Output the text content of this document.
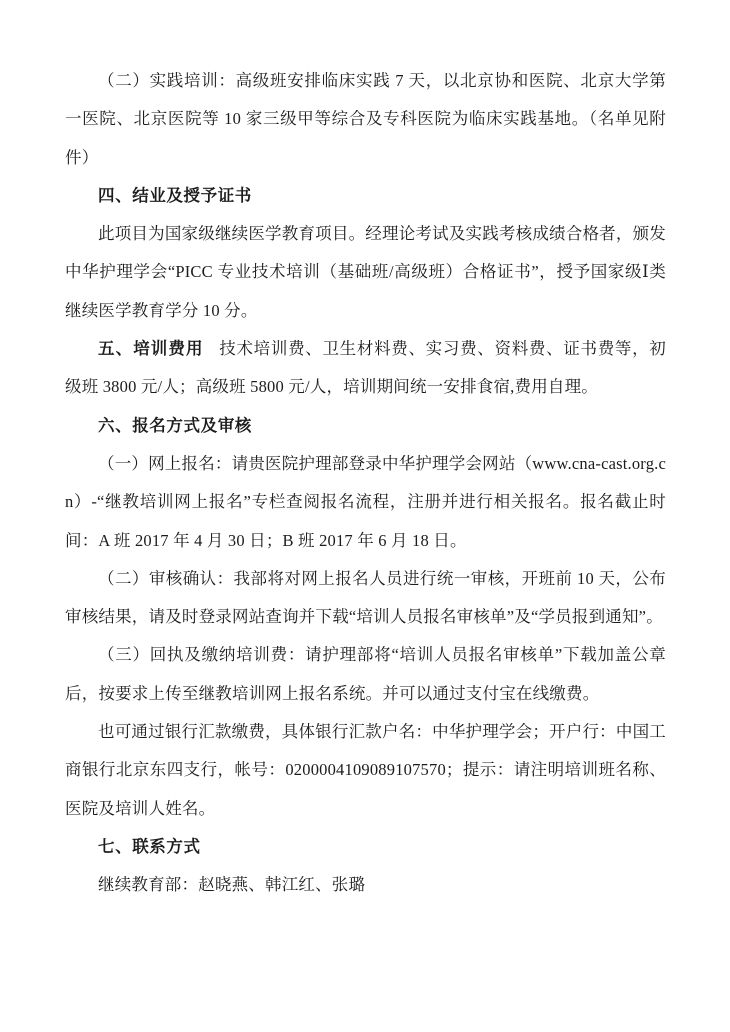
（二）实践培训：高级班安排临床实践 7 天，以北京协和医院、北京大学第一医院、北京医院等 10 家三级甲等综合及专科医院为临床实践基地。（名单见附件）

四、结业及授予证书

此项目为国家级继续医学教育项目。经理论考试及实践考核成绩合格者，颁发中华护理学会“PICC 专业技术培训（基础班/高级班）合格证书”，授予国家级Ⅰ类继续医学教育学分 10 分。

五、培训费用 技术培训费、卫生材料费、实习费、资料费、证书费等，初级班 3800 元/人；高级班 5800 元/人，培训期间统一安排食宿,费用自理。

六、报名方式及审核

（一）网上报名：请贵医院护理部登录中华护理学会网站（www.cna-cast.org.cn）-“继教培训网上报名”专栏查阅报名流程，注册并进行相关报名。报名截止时间：A 班 2017 年 4 月 30 日；B 班 2017 年 6 月 18 日。

（二）审核确认：我部将对网上报名人员进行统一审核，开班前 10 天，公布审核结果，请及时登录网站查询并下载“培训人员报名审核单”及“学员报到通知”。

（三）回执及缴纳培训费：请护理部将“培训人员报名审核单”下载加盖公章后，按要求上传至继教培训网上报名系统。并可以通过支付宝在线缴费。

也可通过银行汇款缴费，具体银行汇款户名：中华护理学会；开户行：中国工商银行北京东四支行，帐号：0200004109089107570；提示：请注明培训班名称、医院及培训人姓名。

七、联系方式

继续教育部：赵晓燕、韩江红、张璐
